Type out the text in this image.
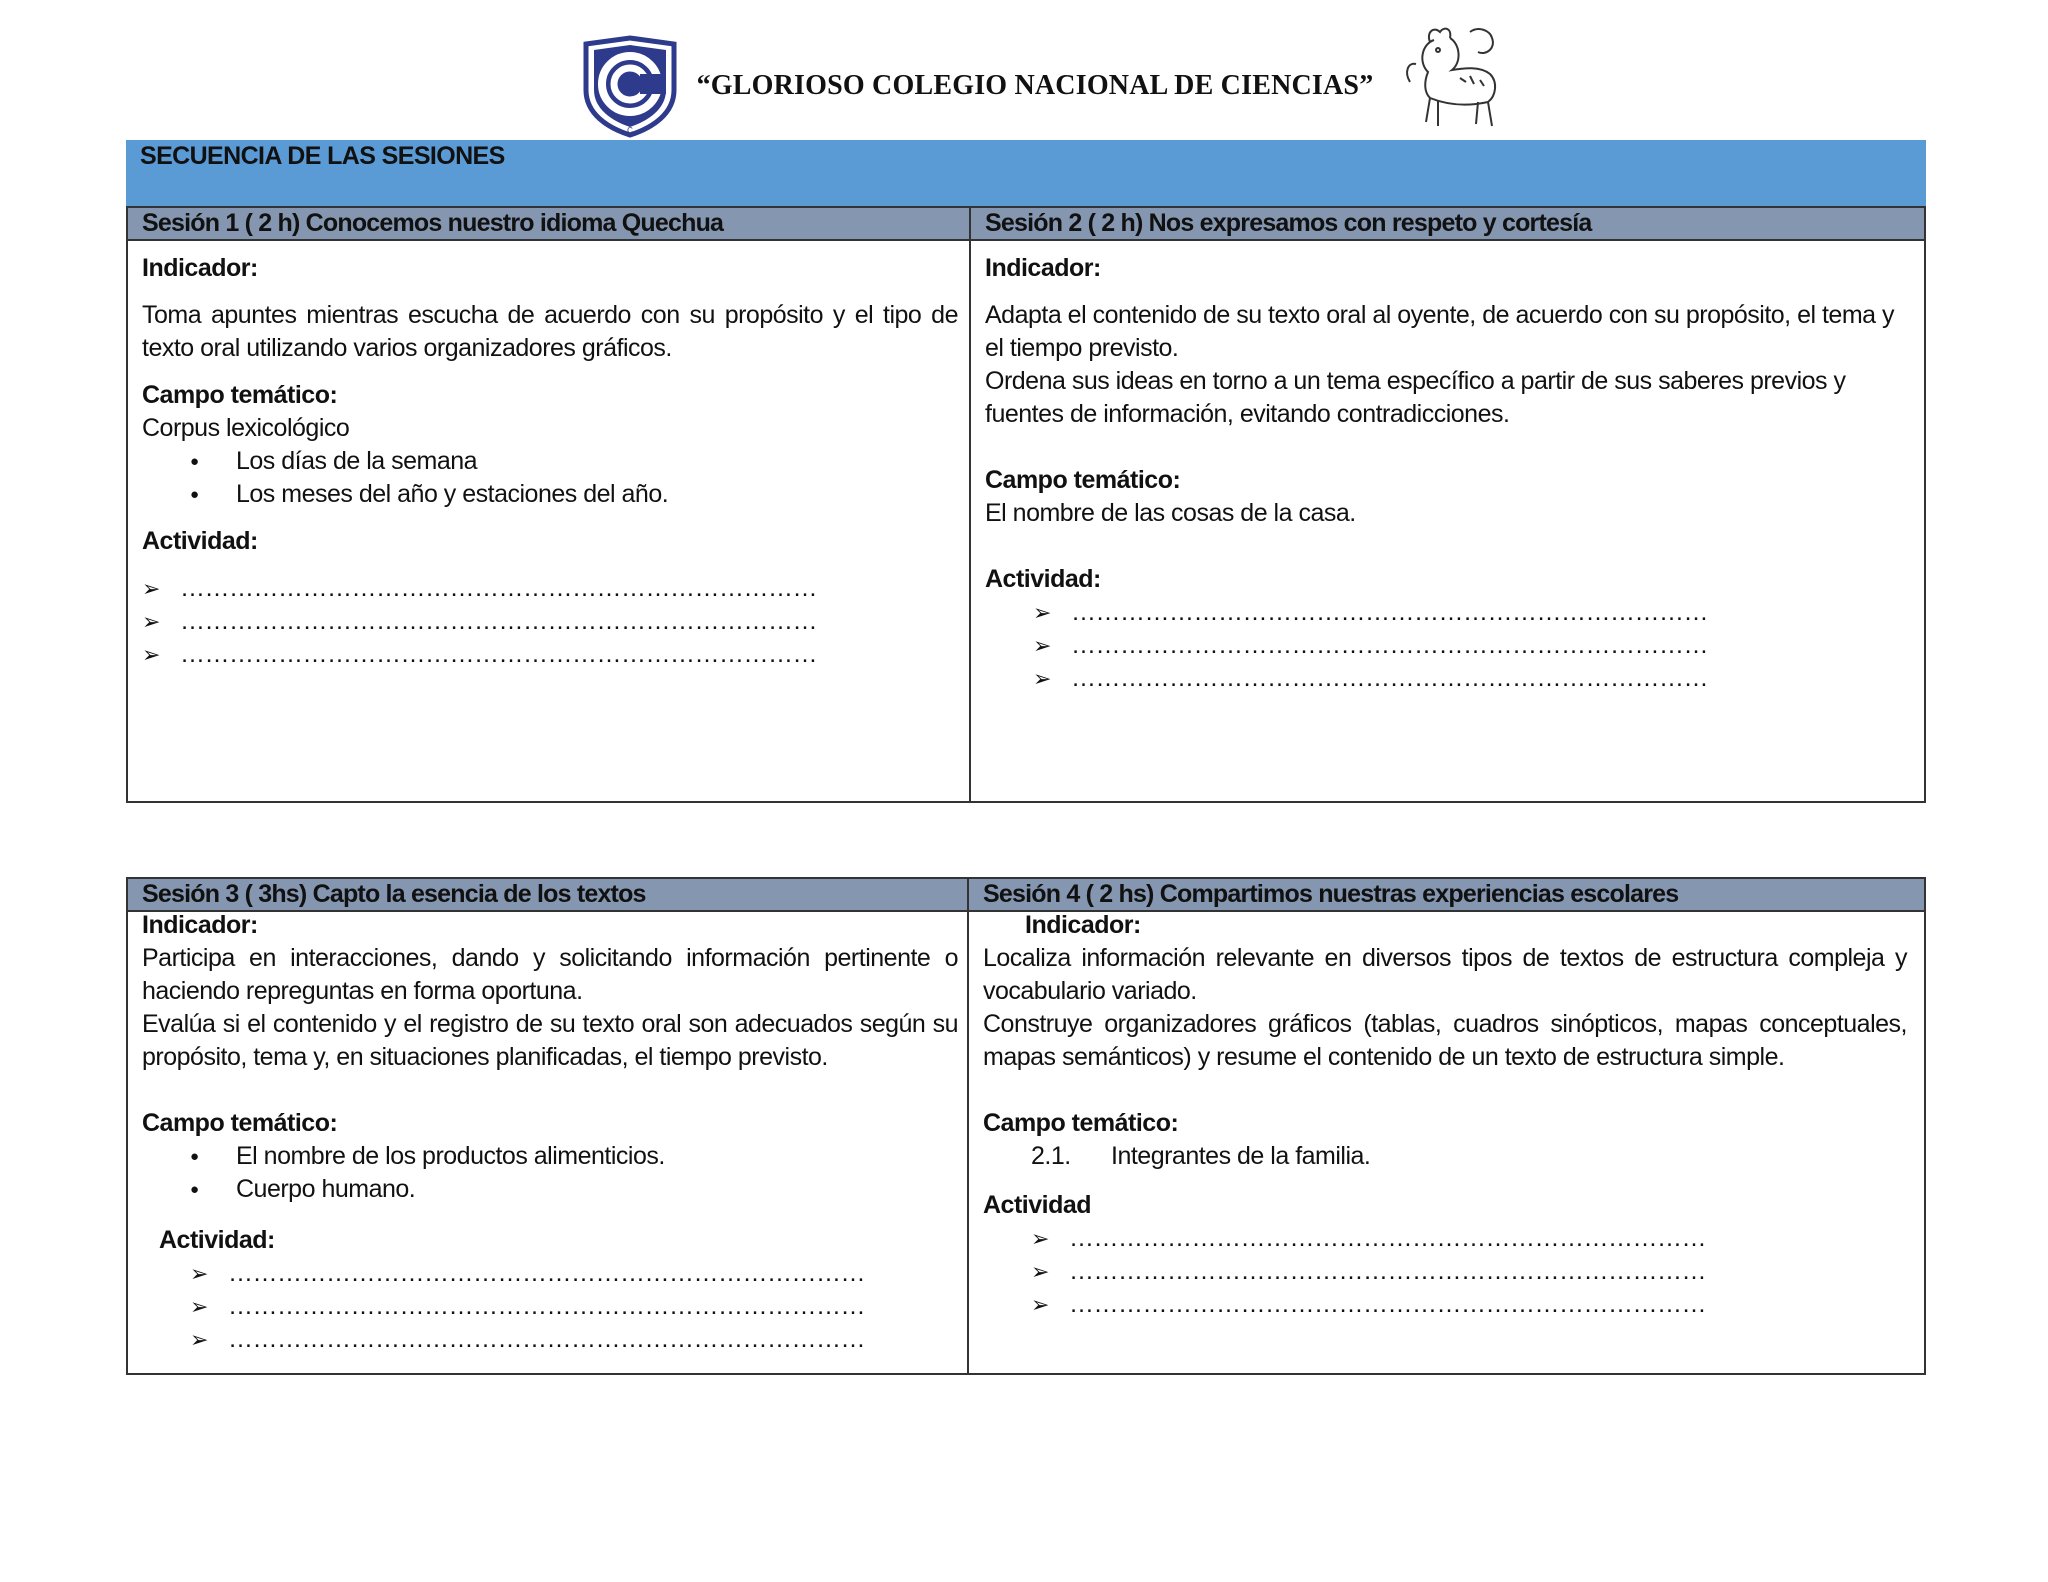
C
“GLORIOSO COLEGIO NACIONAL DE CIENCIAS”
SECUENCIA DE LAS SESIONES
Sesión 1 ( 2 h) Conocemos nuestro idioma Quechua	Sesión 2 ( 2 h) Nos expresamos con respeto y cortesía

Indicador:

Toma apuntes mientras escucha de acuerdo con su propósito y el tipo de texto oral utilizando varios organizadores gráficos.

Campo temático:

Corpus lexicológico

● Los días de la semana
● Los meses del año y estaciones del año.

Actividad:

➢ ……………………………………………………………………
➢ ……………………………………………………………………
➢ ……………………………………………………………………

Indicador:

Adapta el contenido de su texto oral al oyente, de acuerdo con su propósito, el tema y el tiempo previsto.

Ordena sus ideas en torno a un tema específico a partir de sus saberes previos y fuentes de información, evitando contradicciones.

Campo temático:

El nombre de las cosas de la casa.

Actividad:

➢ ……………………………………………………………………
➢ ……………………………………………………………………
➢ ……………………………………………………………………
Sesión 3 ( 3hs) Capto la esencia de los textos	Sesión 4 ( 2 hs) Compartimos nuestras experiencias escolares

Indicador:

Participa en interacciones, dando y solicitando información pertinente o haciendo repreguntas en forma oportuna.

Evalúa si el contenido y el registro de su texto oral son adecuados según su propósito, tema y, en situaciones planificadas, el tiempo previsto.

Campo temático:

● El nombre de los productos alimenticios.
● Cuerpo humano.

Actividad:

➢ ……………………………………………………………………
➢ ……………………………………………………………………
➢ ……………………………………………………………………

Indicador:

Localiza información relevante en diversos tipos de textos de estructura compleja y vocabulario variado.

Construye organizadores gráficos (tablas, cuadros sinópticos, mapas conceptuales, mapas semánticos) y resume el contenido de un texto de estructura simple.

Campo temático:

2.1. Integrantes de la familia.

Actividad

➢ ……………………………………………………………………
➢ ……………………………………………………………………
➢ ……………………………………………………………………
